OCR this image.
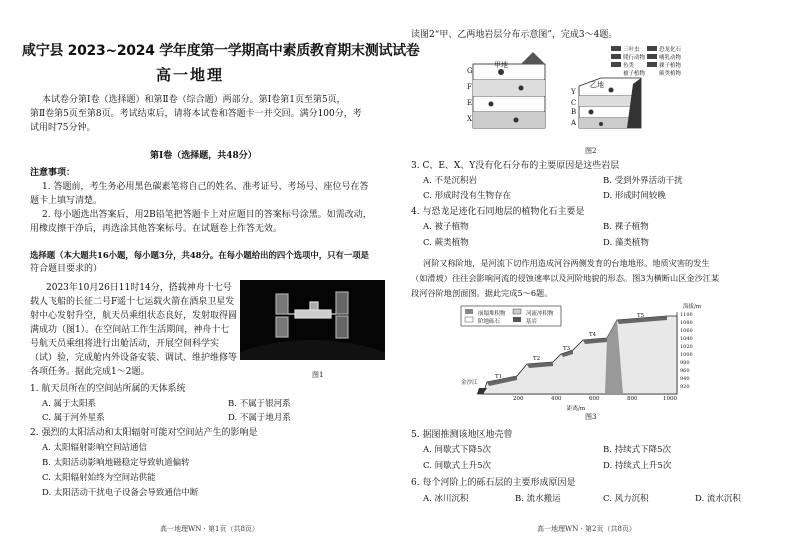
咸宁县 2023~2024 学年度第一学期高中素质教育期末测试试卷
高一地理
本试卷分第Ⅰ卷（选择题）和第Ⅱ卷（综合题）两部分。第Ⅰ卷第1页至第5页，
第Ⅱ卷第5页至第8页。考试结束后，请将本试卷和答题卡一并交回。满分100分，考
试用时75分钟。
第Ⅰ卷（选择题，共48分）
注意事项：
1. 答题前，考生务必用黑色碳素笔将自己的姓名、准考证号、考场号、座位号在答
题卡上填写清楚。
2. 每小题选出答案后，用2B铅笔把答题卡上对应题目的答案标号涂黑。如需改动，
用橡皮擦干净后，再选涂其他答案标号。在试题卷上作答无效。
选择题（本大题共16小题，每小题3分，共48分。在每小题给出的四个选项中，只有一项是
符合题目要求的）
2023年10月26日11时14分，搭载神舟十七号
载人飞船的长征二号F遥十七运载火箭在酒泉卫星发
射中心发射升空，航天员乘组状态良好，发射取得圆
满成功（图1）。在空间站工作生活期间，神舟十七
号航天员乘组将进行出舱活动，开展空间科学实
（试）验，完成舱内外设备安装、调试、维护维修等
各项任务。据此完成1～2题。	图1
1. 航天员所在的空间站所属的天体系统
A. 属于太阳系	B. 不属于银河系
C. 属于河外星系	D. 不属于地月系
2. 强烈的太阳活动和太阳辐射可能对空间站产生的影响是
A. 太阳辐射影响空间站通信
B. 太阳活动影响地磁稳定导致轨道偏转
C. 太阳辐射始终为空间站供能
D. 太阳活动干扰电子设备会导致通信中断
高一地理WN · 第1页（共8页）
读图2“甲、乙两地岩层分布示意图”，完成3～4题。
甲地
乙地
G
F
E
X
Y
C
B
A
三叶虫	恐龙化石
爬行动物	哺乳动物
鱼类	裸子植物
被子植物	蕨类植物
图2
3. C、E、X、Y没有化石分布的主要原因是这些岩层
A. 不是沉积岩	B. 受到外界活动干扰
C. 形成时没有生物存在	D. 形成时间较晚
4. 与恐龙足迹化石同地层的植物化石主要是
A. 被子植物	B. 裸子植物
C. 蕨类植物	D. 藻类植物
河阶又称阶地，是河流下切作用造成河谷两侧发育的台地地形。地质灾害的发生
（如滑坡）往往会影响河流的侵蚀速率以及河阶地貌的形态。图3为横断山区金沙江某
段河谷阶地剖面图。据此完成5～6题。
崩塌堆积物	河流冲积物
阶地砾石	基岩
海拔/m
1100
1080
1060
1040
1020
1000
980
960
940
920
200	400	600	800	1000
距离/m
金沙江
T1
T2
T3
T4
T5
图3
5. 据图推测该地区地壳曾
A. 间歇式下降5次	B. 持续式下降5次
C. 间歇式上升5次	D. 持续式上升5次
6. 每个河阶上的砾石层的主要形成原因是
A. 冰川沉积	B. 流水搬运	C. 风力沉积	D. 流水沉积
高一地理WN · 第2页（共8页）
